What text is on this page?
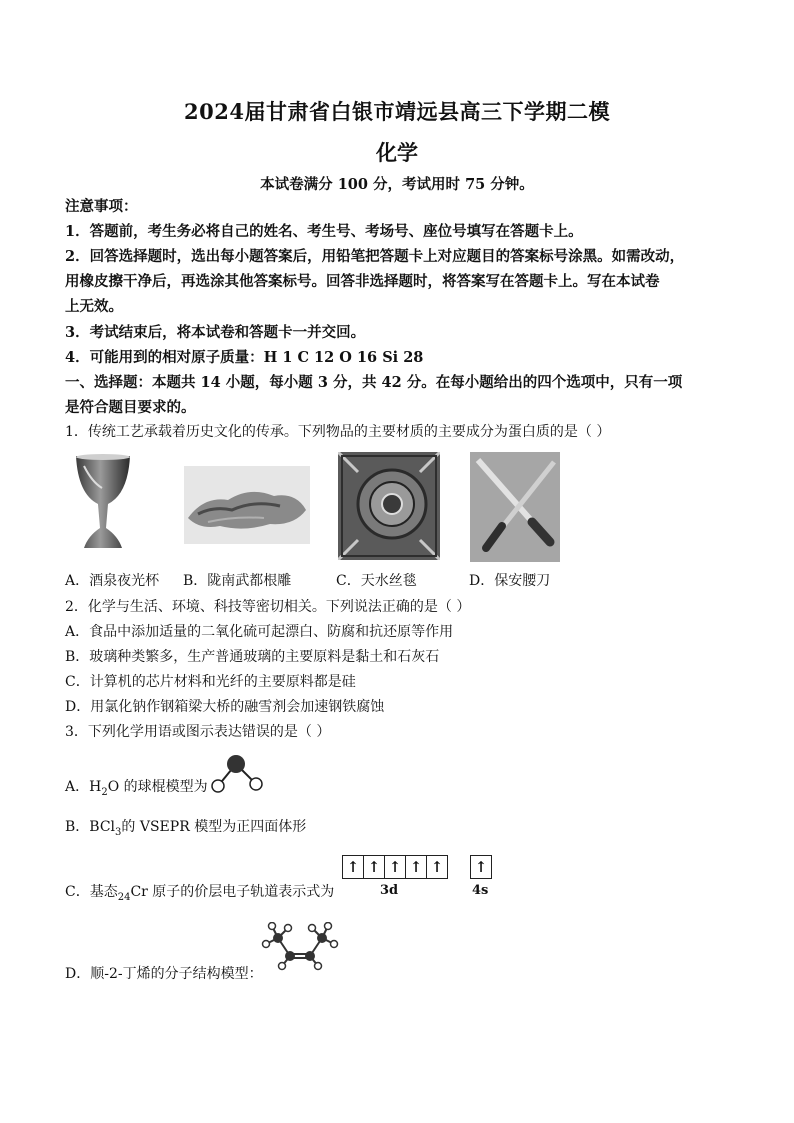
2024届甘肃省白银市靖远县高三下学期二模
化学
本试卷满分 100 分，考试用时 75 分钟。
注意事项：
1．答题前，考生务必将自己的姓名、考生号、考场号、座位号填写在答题卡上。
2．回答选择题时，选出每小题答案后，用铅笔把答题卡上对应题目的答案标号涂黑。如需改动，
用橡皮擦干净后，再选涂其他答案标号。回答非选择题时，将答案写在答题卡上。写在本试卷
上无效。
3．考试结束后，将本试卷和答题卡一并交回。
4．可能用到的相对原子质量：H 1 C 12 O 16 Si 28
一、选择题：本题共 14 小题，每小题 3 分，共 42 分。在每小题给出的四个选项中，只有一项
是符合题目要求的。
1．传统工艺承载着历史文化的传承。下列物品的主要材质的主要成分为蛋白质的是（ ）
A．酒泉夜光杯 B．陇南武都根雕	C．天水丝毯	D．保安腰刀
2．化学与生活、环境、科技等密切相关。下列说法正确的是（ ）
A．食品中添加适量的二氧化硫可起漂白、防腐和抗还原等作用
B．玻璃种类繁多，生产普通玻璃的主要原料是黏土和石灰石
C．计算机的芯片材料和光纤的主要原料都是硅
D．用氯化钠作钢箱梁大桥的融雪剂会加速钢铁腐蚀
3．下列化学用语或图示表达错误的是（ ）
A．$H_2O$ 的球棍模型为
B．BCl$_3$的 VSEPR 模型为正四面体形
C．基态$_{24}$Cr 原子的价层电子轨道表示式为
↑ ↑ ↑ ↑ ↑	↑
3d	4s
D．顺-2-丁烯的分子结构模型：
